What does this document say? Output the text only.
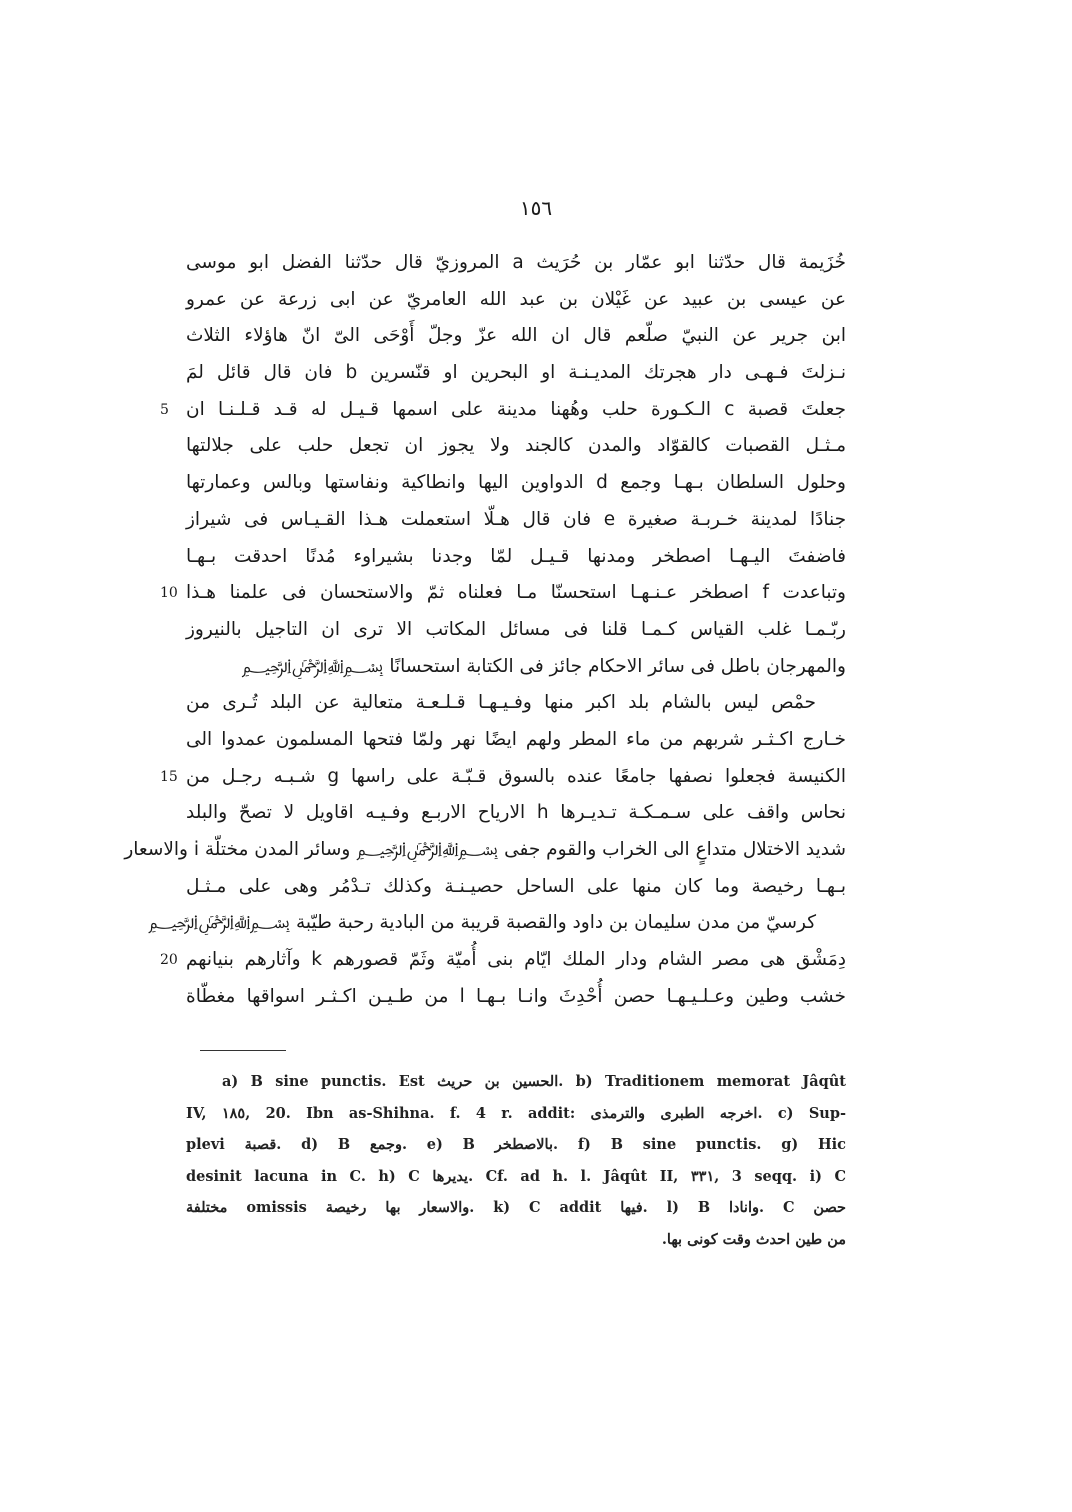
١٥٦
خُزَيمة قال حدّثنا ابو عمّار بن حُرَيث a المروزيّ قال حدّثنا الفضل ابو موسى
عن عيسى بن عبيد عن غَيْلان بن عبد الله العامريّ عن ابى زرعة عن عمرو
ابن جرير عن النبيّ صلّعم قال ان الله عزّ وجلّ أَوْحَى الىّ انّ هاؤلاء الثلاث
نـزلتَ فـهـى دار هجرتك المديـنـة او البحرين او قنّسرين b فان قال قائل لمَ
جعلتَ قصبة c الـكـورة حلب وهُهنا مدينة على اسمها قـيـل له قـد قـلـنـا ان
5
مـثـل القصبات كالقوّاد والمدن كالجند ولا يجوز ان تجعل حلب على جلالتها
وحلول السلطان بـهـا وجمع d الدواوين اليها وانطاكية ونفاستها وبالس وعمارتها
جنادًا لمدينة خـربـة صغيرة e فان قال هـلّا استعملت هـذا القـيـاس فى شيراز
فاضفتَ اليـهـا اصطخر ومدنها قـيـل لمّا وجدنا بشيراوء مُدنًا احدقت بـهـا
وتباعدت f اصطخر عـنـهـا استحسنّا مـا فعلناه ثمّ والاستحسان فى علمنا هـذا
10
ربّـمـا غلب القياس كـمـا قلنا فى مسائل المكاتب الا ترى ان التاجيل بالنيروز
والمهرجان باطل فى سائر الاحكام جائز فى الكتابة استحسانًا ﷽
حمْص ليس بالشام بلد اكبر منها وفـيـهـا قـلـعـة متعالية عن البلد تُـرى من
خـارج اكـثـر شربهم من ماء المطر ولهم ايضًا نهر ولمّا فتحها المسلمون عمدوا الى
الكنيسة فجعلوا نصفها جامعًا عنده بالسوق قـبّـة على راسها g شـبـه رجـل من
15
نحاس واقف على سـمـكـة تـديـرها h الارياح الاربـع وفـيـه اقاويل لا تصحّ والبلد
شديد الاختلال متداعٍ الى الخراب والقوم جفى ﷽ وسائر المدن مختلّة i والاسعار
بـهـا رخيصة وما كان منها على الساحل حصيـنـة وكذلك تـدْمُر وهى على مـثـل
كرسيّ من مدن سليمان بن داود والقصبة قريبة من البادية رحبة طيّبة ﷽
دِمَشْق هى مصر الشام ودار الملك ايّام بنى أُميّة وثَمّ قصورهم k وآثارهم بنيانهم
20
خشب وطين وعـلـيـهـا حصن أُحْدِثَ وانـا بـهـا l من طـيـن اكـثـر اسواقها مغطّاة
a) B sine punctis. Est الحسين بن حريث. b) Traditionem memorat Jâqût
IV, ١٨٥, 20. Ibn as-Shihna. f. 4 r. addit: اخرجه الطبرى والترمذى. c) Sup-
plevi قصبة. d) B وجمع. e) B بالاصطخر. f) B sine punctis. g) Hic
desinit lacuna in C. h) C يديرها. Cf. ad h. l. Jâqût II, ٣٣١, 3 seqq. i) C
مختلفة omissis والاسعار بها رخيصة. k) C addit فيها. l) B وانادا. C حصن
من طين احدث وقت كونى بها.
